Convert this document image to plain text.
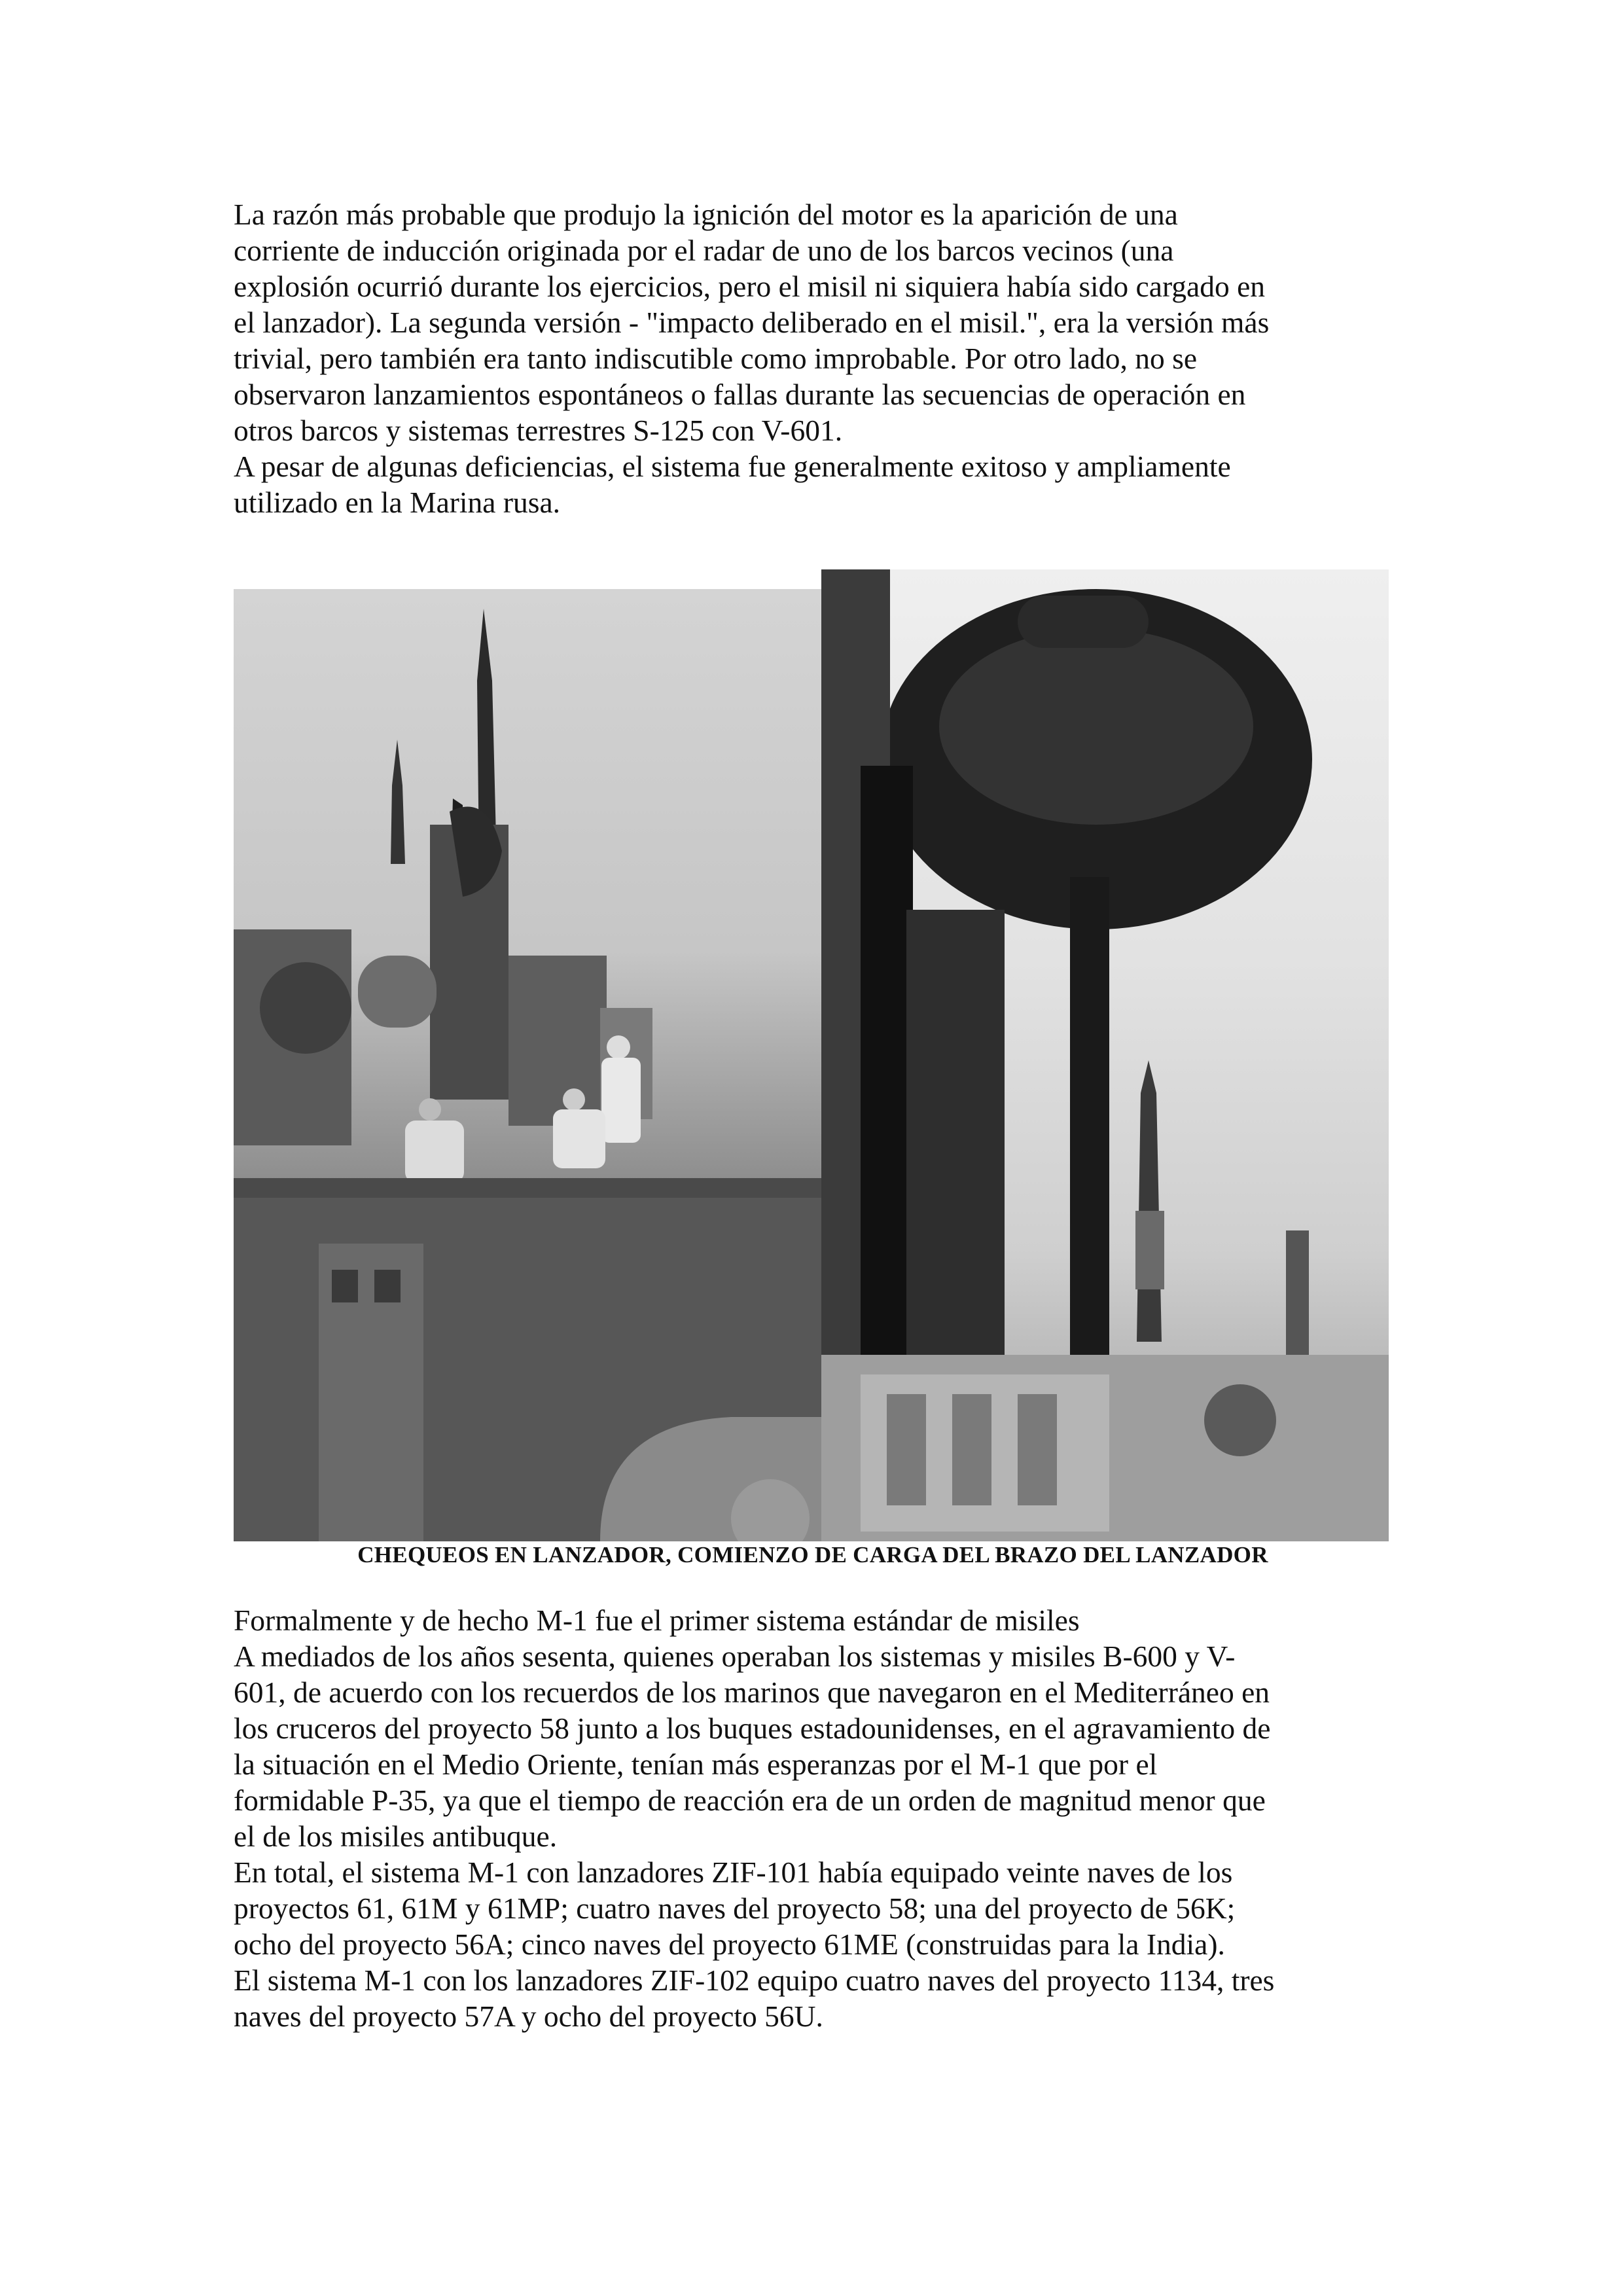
La razón más probable que produjo la ignición del motor es la aparición de una
corriente de inducción originada por el radar de uno de los barcos vecinos (una
explosión ocurrió durante los ejercicios, pero el misil ni siquiera había sido cargado en
el lanzador). La segunda versión - "impacto deliberado en el misil.", era la versión más
trivial, pero también era tanto indiscutible como improbable. Por otro lado, no se
observaron lanzamientos espontáneos o fallas durante las secuencias de operación en
otros barcos y sistemas terrestres S-125 con V-601.
A pesar de algunas deficiencias, el sistema fue generalmente exitoso y ampliamente
utilizado en la Marina rusa.
CHEQUEOS EN LANZADOR, COMIENZO DE CARGA DEL BRAZO DEL LANZADOR
Formalmente y de hecho M-1 fue el primer sistema estándar de misiles
A mediados de los años sesenta, quienes operaban los sistemas y misiles B-600 y V-
601, de acuerdo con los recuerdos de los marinos que navegaron en el Mediterráneo en
los cruceros del proyecto 58 junto a los buques estadounidenses, en el agravamiento de
la situación en el Medio Oriente, tenían más esperanzas por el M-1 que por el
formidable P-35, ya que el tiempo de reacción era de un orden de magnitud menor que
el de los misiles antibuque.
En total, el sistema M-1 con lanzadores ZIF-101 había equipado veinte naves de los
proyectos 61, 61M y 61MP; cuatro naves del proyecto 58; una del proyecto de 56K;
ocho del proyecto 56A; cinco naves del proyecto 61ME (construidas para la India).
El sistema M-1 con los lanzadores ZIF-102 equipo cuatro naves del proyecto 1134, tres
naves del proyecto 57A y ocho del proyecto 56U.
